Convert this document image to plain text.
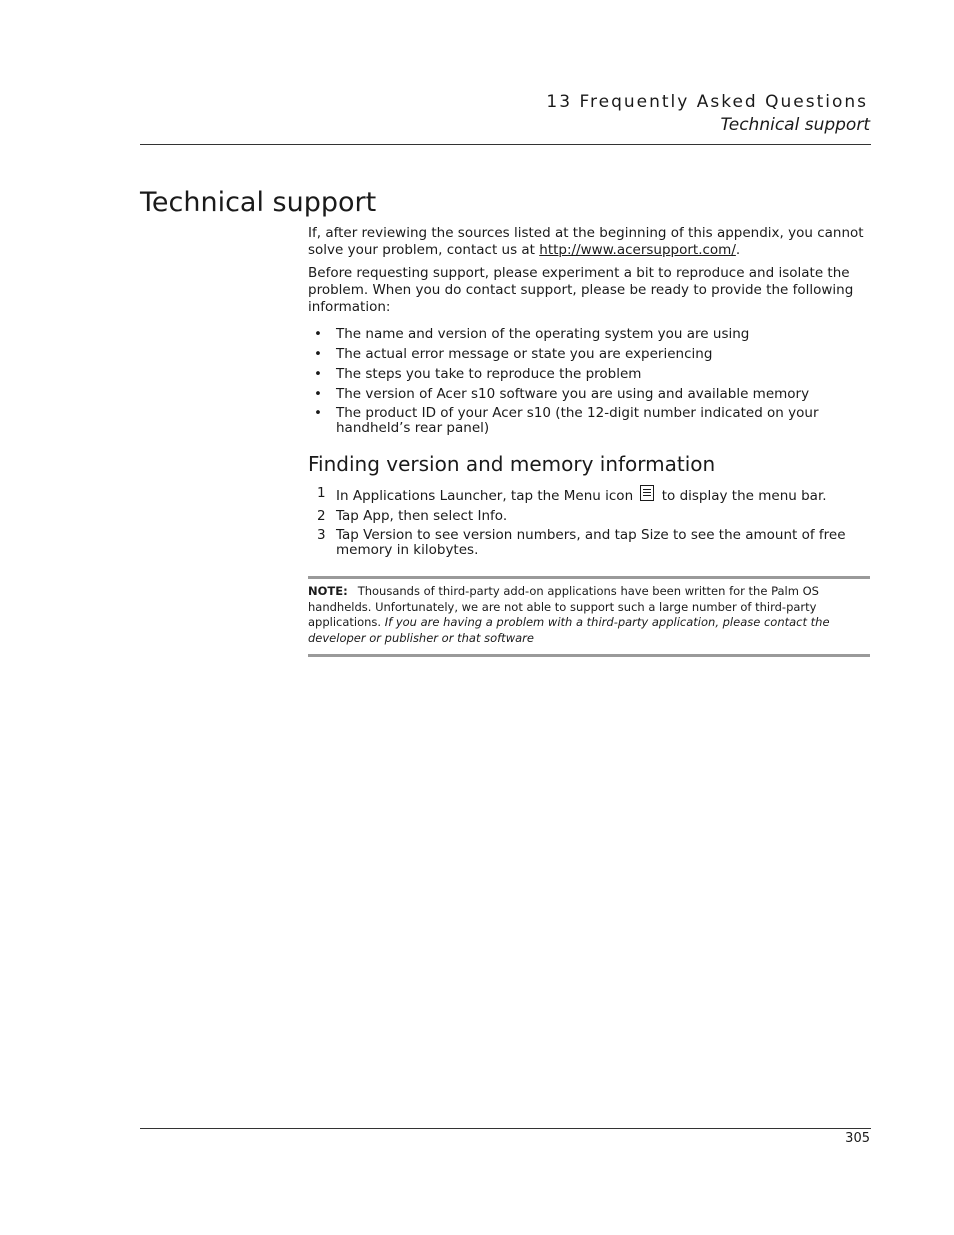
13 Frequently Asked Questions
Technical support
Technical support

If, after reviewing the sources listed at the beginning of this appendix, you cannot solve your problem, contact us at http://www.acersupport.com/.

Before requesting support, please experiment a bit to reproduce and isolate the problem. When you do contact support, please be ready to provide the following information:

• The name and version of the operating system you are using
• The actual error message or state you are experiencing
• The steps you take to reproduce the problem
• The version of Acer s10 software you are using and available memory
• The product ID of your Acer s10 (the 12-digit number indicated on your handheld’s rear panel)
Finding version and memory information
1 In Applications Launcher, tap the Menu icon  to display the menu bar.
2 Tap App, then select Info.
3 Tap Version to see version numbers, and tap Size to see the amount of free memory in kilobytes.
NOTE: Thousands of third-party add-on applications have been written for the Palm OS handhelds. Unfortunately, we are not able to support such a large number of third-party applications. If you are having a problem with a third-party application, please contact the developer or publisher or that software
305
